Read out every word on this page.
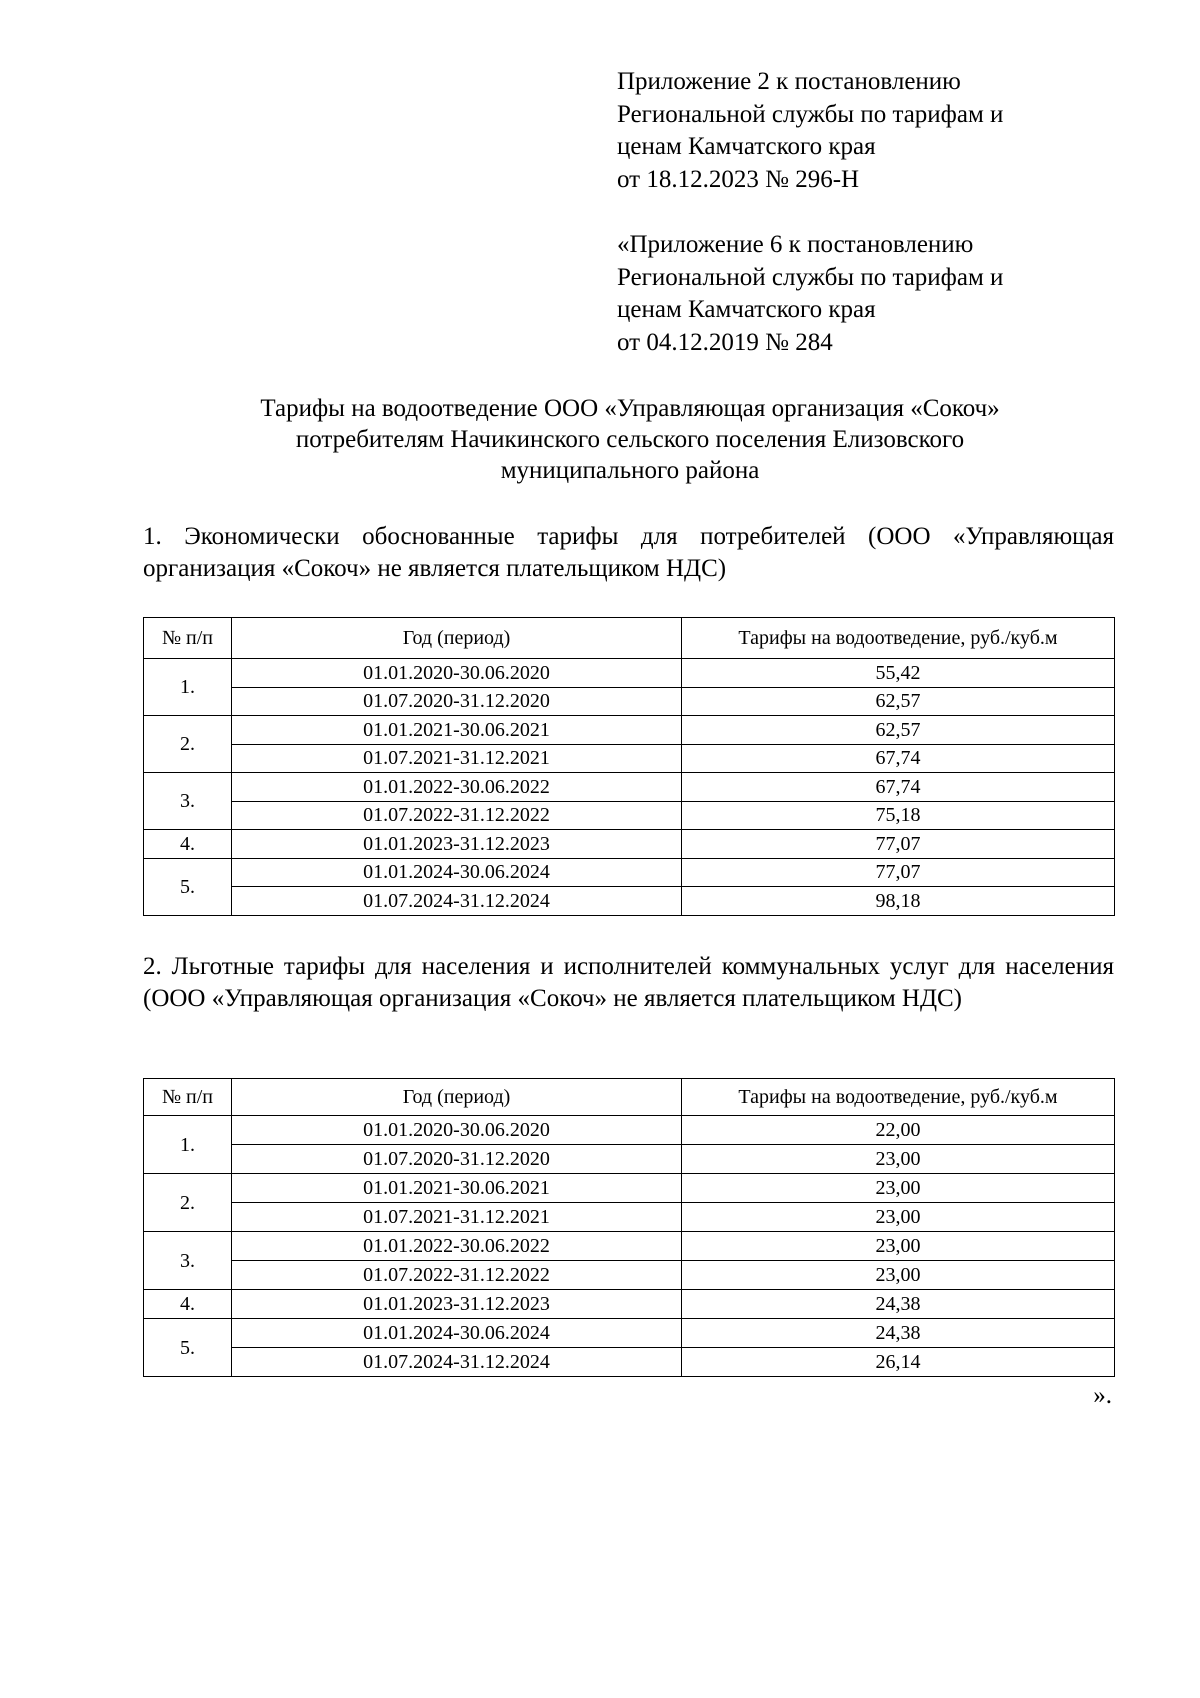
Приложение 2 к постановлению
Региональной службы по тарифам и
ценам Камчатского края
от 18.12.2023 № 296-Н
«Приложение 6 к постановлению
Региональной службы по тарифам и
ценам Камчатского края
от 04.12.2019 № 284
Тарифы на водоотведение ООО «Управляющая организация «Сокоч»
потребителям Начикинского сельского поселения Елизовского
муниципального района
1. Экономически обоснованные тарифы для потребителей (ООО «Управляющая организация «Сокоч» не является плательщиком НДС)
№ п/п	Год (период)	Тарифы на водоотведение, руб./куб.м
1.	01.01.2020-30.06.2020	55,42
	01.07.2020-31.12.2020	62,57
2.	01.01.2021-30.06.2021	62,57
	01.07.2021-31.12.2021	67,74
3.	01.01.2022-30.06.2022	67,74
	01.07.2022-31.12.2022	75,18
4.	01.01.2023-31.12.2023	77,07
5.	01.01.2024-30.06.2024	77,07
	01.07.2024-31.12.2024	98,18
2. Льготные тарифы для населения и исполнителей коммунальных услуг для населения (ООО «Управляющая организация «Сокоч» не является плательщиком НДС)
№ п/п	Год (период)	Тарифы на водоотведение, руб./куб.м
1.	01.01.2020-30.06.2020	22,00
	01.07.2020-31.12.2020	23,00
2.	01.01.2021-30.06.2021	23,00
	01.07.2021-31.12.2021	23,00
3.	01.01.2022-30.06.2022	23,00
	01.07.2022-31.12.2022	23,00
4.	01.01.2023-31.12.2023	24,38
5.	01.01.2024-30.06.2024	24,38
	01.07.2024-31.12.2024	26,14
».
